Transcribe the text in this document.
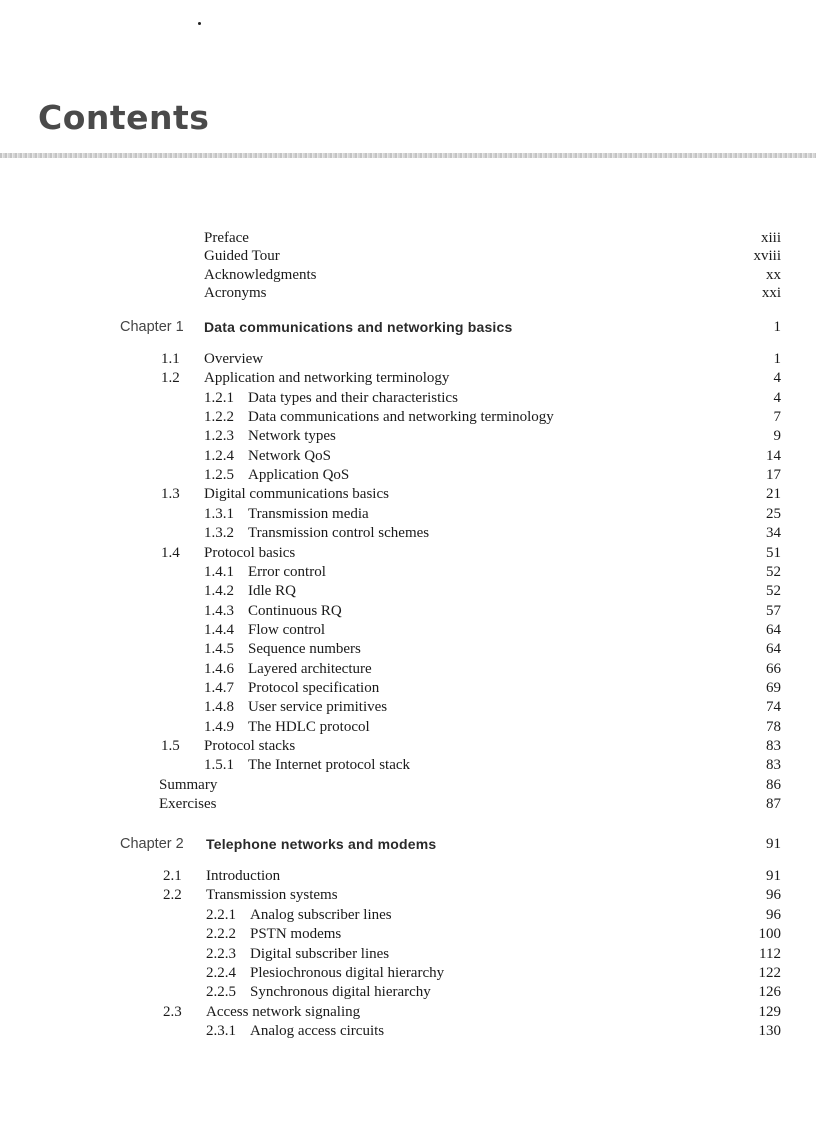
Contents
Preface	xiii
Guided Tour	xviii
Acknowledgments	xx
Acronyms	xxi
Chapter 1 Data communications and networking basics	1
1.1 Overview	1
1.2 Application and networking terminology	4
1.2.1 Data types and their characteristics	4
1.2.2 Data communications and networking terminology	7
1.2.3 Network types	9
1.2.4 Network QoS	14
1.2.5 Application QoS	17
1.3 Digital communications basics	21
1.3.1 Transmission media	25
1.3.2 Transmission control schemes	34
1.4 Protocol basics	51
1.4.1 Error control	52
1.4.2 Idle RQ	52
1.4.3 Continuous RQ	57
1.4.4 Flow control	64
1.4.5 Sequence numbers	64
1.4.6 Layered architecture	66
1.4.7 Protocol specification	69
1.4.8 User service primitives	74
1.4.9 The HDLC protocol	78
1.5 Protocol stacks	83
1.5.1 The Internet protocol stack	83
Summary	86
Exercises	87
Chapter 2 Telephone networks and modems	91
2.1 Introduction	91
2.2 Transmission systems	96
2.2.1 Analog subscriber lines	96
2.2.2 PSTN modems	100
2.2.3 Digital subscriber lines	112
2.2.4 Plesiochronous digital hierarchy	122
2.2.5 Synchronous digital hierarchy	126
2.3 Access network signaling	129
2.3.1 Analog access circuits	130
